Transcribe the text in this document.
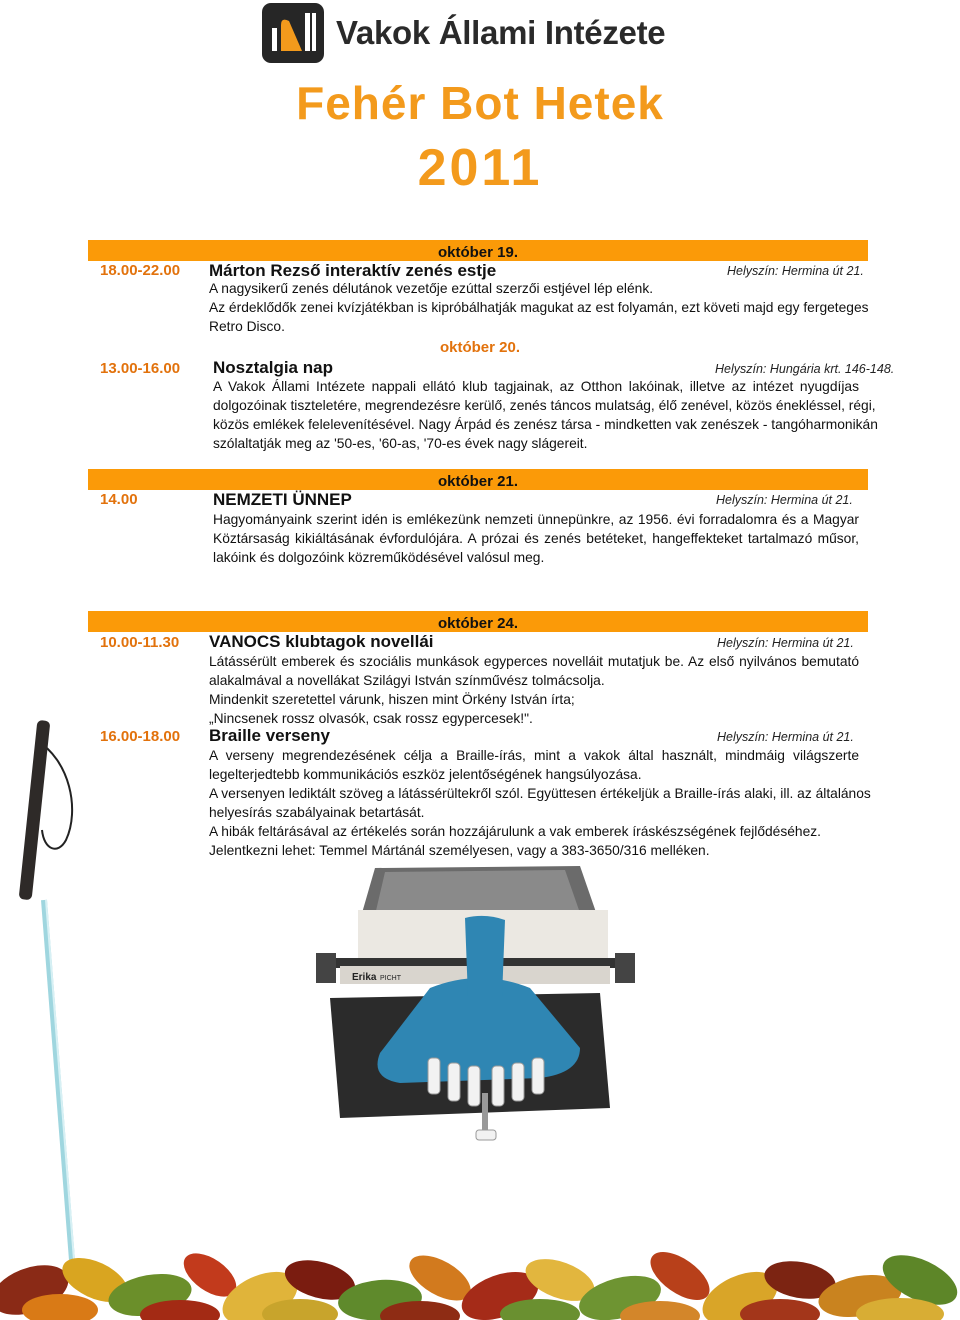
Vakok Állami Intézete
Fehér Bot Hetek
2011
október 19.
18.00-22.00 Márton Rezső interaktív zenés estje	Helyszín: Hermina út 21.
A nagysikerű zenés délutánok vezetője ezúttal szerzői estjével lép elénk.
Az érdeklődők zenei kvízjátékban is kipróbálhatják magukat az est folyamán, ezt követi majd egy fergeteges
Retro Disco.
október 20.
13.00-16.00 Nosztalgia nap	Helyszín: Hungária krt. 146-148.
A Vakok Állami Intézete nappali ellátó klub tagjainak, az Otthon lakóinak, illetve az intézet nyugdíjas
dolgozóinak tiszteletére, megrendezésre kerülő, zenés táncos mulatság, élő zenével, közös énekléssel, régi,
közös emlékek felelevenítésével. Nagy Árpád és zenész társa - mindketten vak zenészek - tangóharmonikán
szólaltatják meg az '50-es, '60-as, '70-es évek nagy slágereit.
október 21.
14.00	NEMZETI ÜNNEP	Helyszín: Hermina út 21.
Hagyományaink szerint idén is emlékezünk nemzeti ünnepünkre, az 1956. évi forradalomra és a Magyar
Köztársaság kikiáltásának évfordulójára. A prózai és zenés betéteket, hangeffekteket tartalmazó műsor,
lakóink és dolgozóink közreműködésével valósul meg.
október 24.
10.00-11.30 VANOCS klubtagok novellái	Helyszín: Hermina út 21.
Látássérült emberek és szociális munkások egyperces novelláit mutatjuk be. Az első nyilvános bemutató
alakalmával a novellákat Szilágyi István színművész tolmácsolja.
Mindenkit szeretettel várunk, hiszen mint Örkény István írta;
„Nincsenek rossz olvasók, csak rossz egypercesek!".
16.00-18.00 Braille verseny	Helyszín: Hermina út 21.
A verseny megrendezésének célja a Braille-írás, mint a vakok által használt, mindmáig világszerte
legelterjedtebb kommunikációs eszköz jelentőségének hangsúlyozása.
A versenyen lediktált szöveg a látássérültekről szól. Együttesen értékeljük a Braille-írás alaki, ill. az általános
helyesírás szabályainak betartását.
A hibák feltárásával az értékelés során hozzájárulunk a vak emberek íráskészségének fejlődéséhez.
Jelentkezni lehet: Temmel Mártánál személyesen, vagy a 383-3650/316 melléken.
Erika PICHT
